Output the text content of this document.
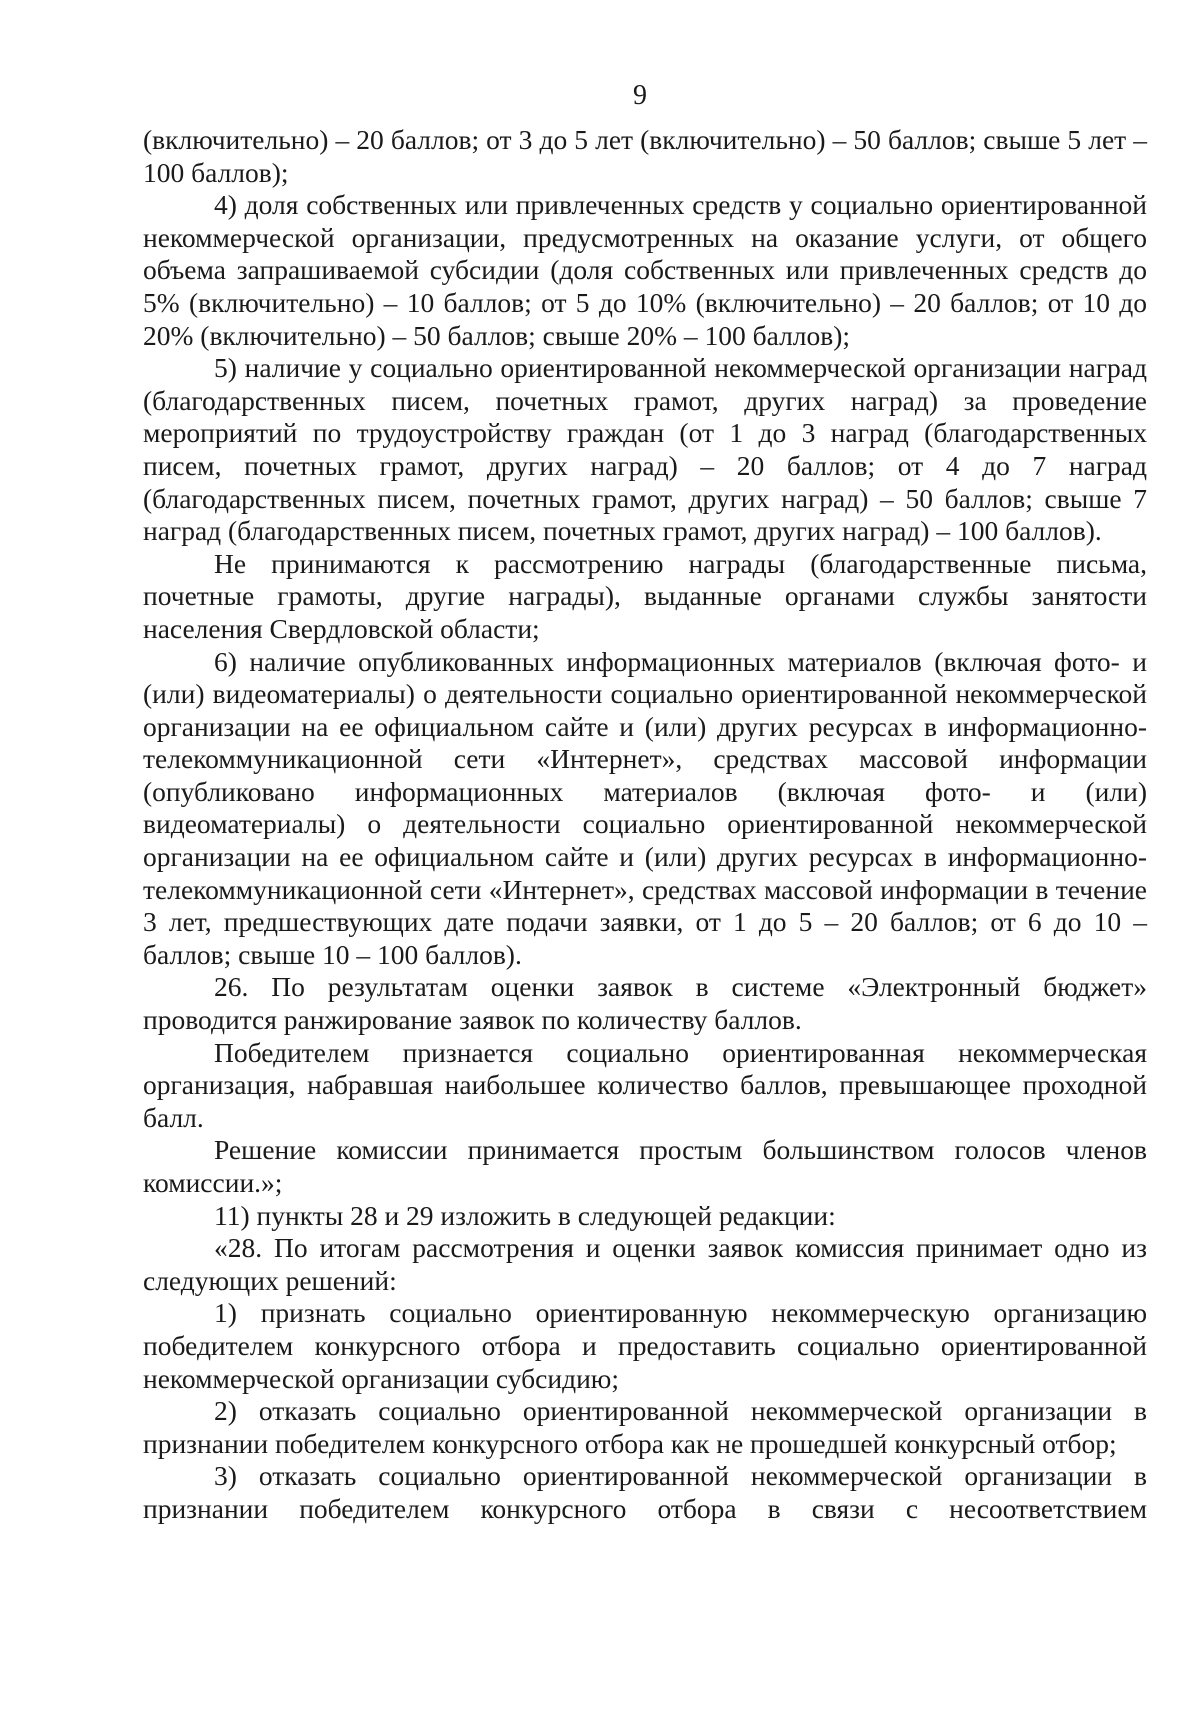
9

(включительно) – 20 баллов; от 3 до 5 лет (включительно) – 50 баллов; свыше 5 лет – 100 баллов);

4) доля собственных или привлеченных средств у социально ориентированной некоммерческой организации, предусмотренных на оказание услуги, от общего объема запрашиваемой субсидии (доля собственных или привлеченных средств до 5% (включительно) – 10 баллов; от 5 до 10% (включительно) – 20 баллов; от 10 до 20% (включительно) – 50 баллов; свыше 20% – 100 баллов);

5) наличие у социально ориентированной некоммерческой организации наград (благодарственных писем, почетных грамот, других наград) за проведение мероприятий по трудоустройству граждан (от 1 до 3 наград (благодарственных писем, почетных грамот, других наград) – 20 баллов; от 4 до 7 наград (благодарственных писем, почетных грамот, других наград) – 50 баллов; свыше 7 наград (благодарственных писем, почетных грамот, других наград) – 100 баллов).

Не принимаются к рассмотрению награды (благодарственные письма, почетные грамоты, другие награды), выданные органами службы занятости населения Свердловской области;

6) наличие опубликованных информационных материалов (включая фото- и (или) видеоматериалы) о деятельности социально ориентированной некоммерческой организации на ее официальном сайте и (или) других ресурсах в информационно-телекоммуникационной сети «Интернет», средствах массовой информации (опубликовано информационных материалов (включая фото- и (или) видеоматериалы) о деятельности социально ориентированной некоммерческой организации на ее официальном сайте и (или) других ресурсах в информационно-телекоммуникационной сети «Интернет», средствах массовой информации в течение 3 лет, предшествующих дате подачи заявки, от 1 до 5 – 20 баллов; от 6 до 10 – баллов; свыше 10 – 100 баллов).

26. По результатам оценки заявок в системе «Электронный бюджет» проводится ранжирование заявок по количеству баллов.

Победителем признается социально ориентированная некоммерческая организация, набравшая наибольшее количество баллов, превышающее проходной балл.

Решение комиссии принимается простым большинством голосов членов комиссии.»;

11) пункты 28 и 29 изложить в следующей редакции:

«28. По итогам рассмотрения и оценки заявок комиссия принимает одно из следующих решений:

1) признать социально ориентированную некоммерческую организацию победителем конкурсного отбора и предоставить социально ориентированной некоммерческой организации субсидию;

2) отказать социально ориентированной некоммерческой организации в признании победителем конкурсного отбора как не прошедшей конкурсный отбор;

3) отказать социально ориентированной некоммерческой организации в признании победителем конкурсного отбора в связи с несоответствием
